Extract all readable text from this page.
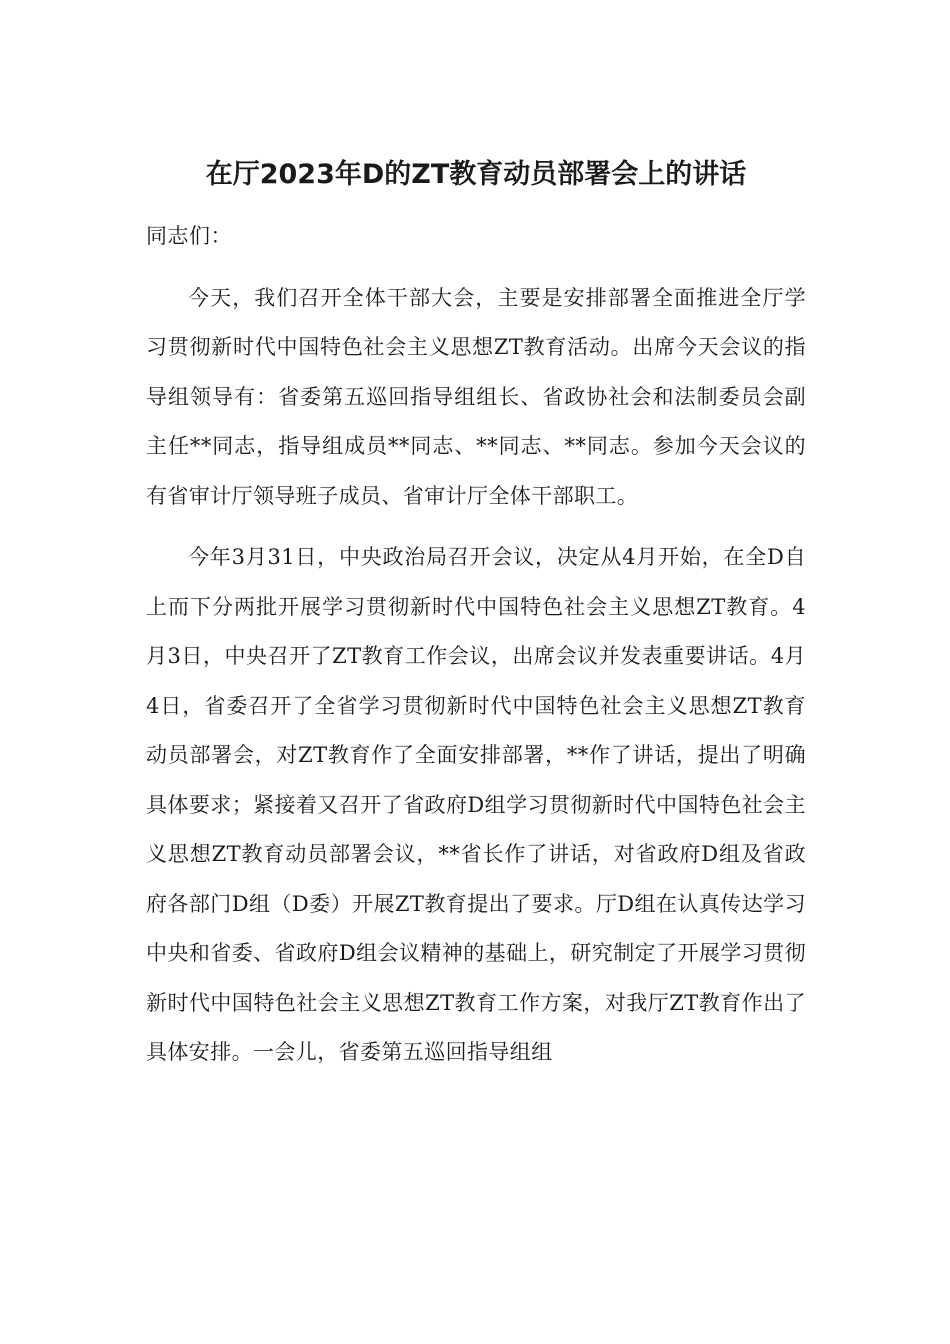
在厅2023年D的ZT教育动员部署会上的讲话
同志们：

今天，我们召开全体干部大会，主要是安排部署全面推进全厅学习贯彻新时代中国特色社会主义思想ZT教育活动。出席今天会议的指导组领导有：省委第五巡回指导组组长、省政协社会和法制委员会副主任**同志，指导组成员**同志、**同志、**同志。参加今天会议的有省审计厅领导班子成员、省审计厅全体干部职工。

今年3月31日，中央政治局召开会议，决定从4月开始，在全D自上而下分两批开展学习贯彻新时代中国特色社会主义思想ZT教育。4月3日，中央召开了ZT教育工作会议，出席会议并发表重要讲话。4月4日，省委召开了全省学习贯彻新时代中国特色社会主义思想ZT教育动员部署会，对ZT教育作了全面安排部署，**作了讲话，提出了明确具体要求；紧接着又召开了省政府D组学习贯彻新时代中国特色社会主义思想ZT教育动员部署会议，**省长作了讲话，对省政府D组及省政府各部门D组（D委）开展ZT教育提出了要求。厅D组在认真传达学习中央和省委、省政府D组会议精神的基础上，研究制定了开展学习贯彻新时代中国特色社会主义思想ZT教育工作方案，对我厅ZT教育作出了具体安排。一会儿，省委第五巡回指导组组
